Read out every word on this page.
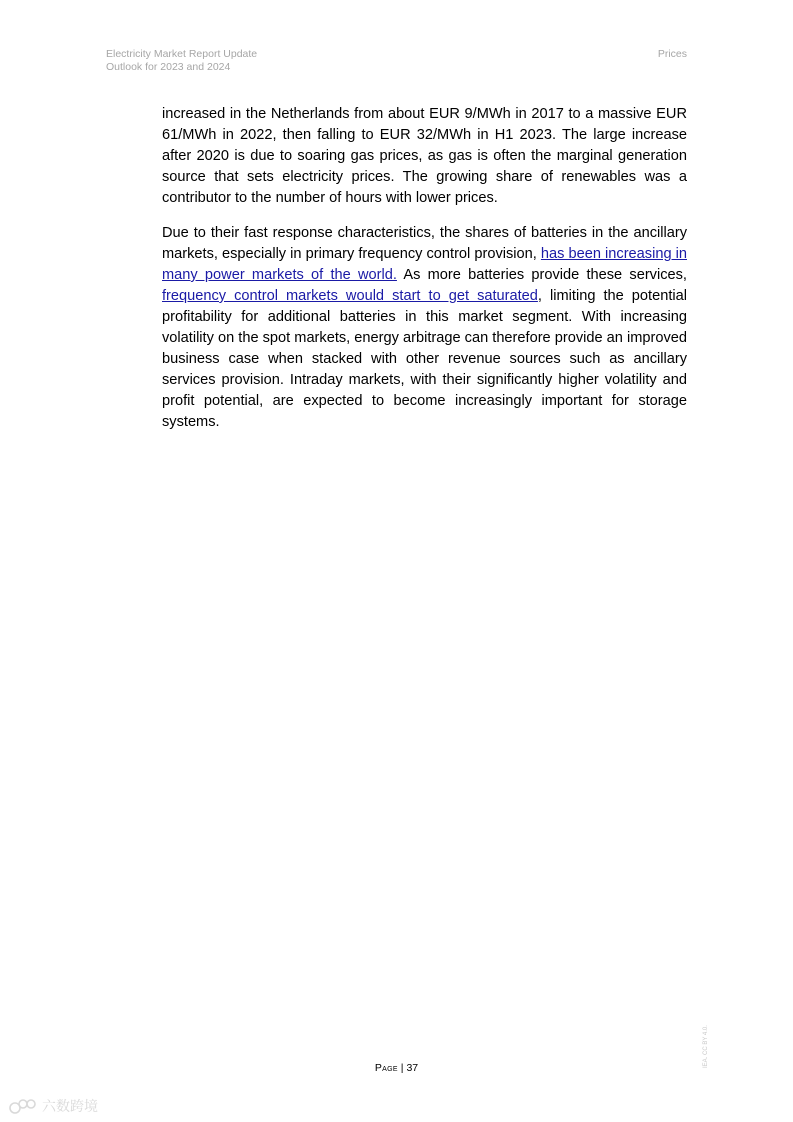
Electricity Market Report Update
Outlook for 2023 and 2024
Prices

increased in the Netherlands from about EUR 9/MWh in 2017 to a massive EUR 61/MWh in 2022, then falling to EUR 32/MWh in H1 2023. The large increase after 2020 is due to soaring gas prices, as gas is often the marginal generation source that sets electricity prices. The growing share of renewables was a contributor to the number of hours with lower prices.

Due to their fast response characteristics, the shares of batteries in the ancillary markets, especially in primary frequency control provision, has been increasing in many power markets of the world. As more batteries provide these services, frequency control markets would start to get saturated, limiting the potential profitability for additional batteries in this market segment. With increasing volatility on the spot markets, energy arbitrage can therefore provide an improved business case when stacked with other revenue sources such as ancillary services provision. Intraday markets, with their significantly higher volatility and profit potential, are expected to become increasingly important for storage systems.

Page | 37	IEA. CC BY 4.0.
六数跨境
